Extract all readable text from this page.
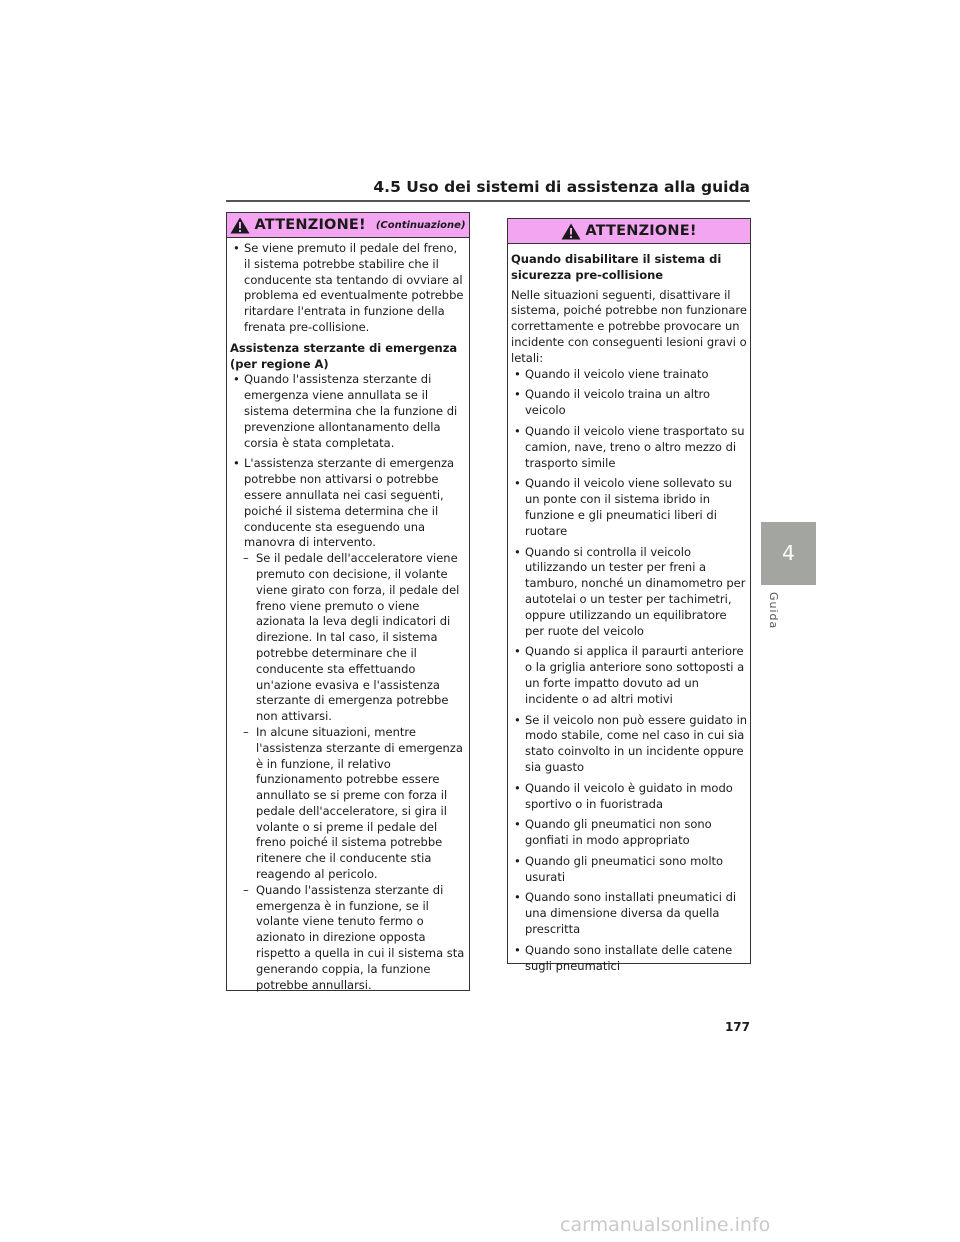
4.5 Uso dei sistemi di assistenza alla guida
ATTENZIONE! (Continuazione)
• Se viene premuto il pedale del freno, il sistema potrebbe stabilire che il conducente sta tentando di ovviare al problema ed eventualmente potrebbe ritardare l'entrata in funzione della frenata pre-collisione.
Assistenza sterzante di emergenza
(per regione A)
• Quando l'assistenza sterzante di emergenza viene annullata se il sistema determina che la funzione di prevenzione allontanamento della corsia è stata completata.
• L'assistenza sterzante di emergenza potrebbe non attivarsi o potrebbe essere annullata nei casi seguenti, poiché il sistema determina che il conducente sta eseguendo una manovra di intervento.
– Se il pedale dell'acceleratore viene premuto con decisione, il volante viene girato con forza, il pedale del freno viene premuto o viene azionata la leva degli indicatori di direzione. In tal caso, il sistema potrebbe determinare che il conducente sta effettuando un'azione evasiva e l'assistenza sterzante di emergenza potrebbe non attivarsi.
– In alcune situazioni, mentre l'assistenza sterzante di emergenza è in funzione, il relativo funzionamento potrebbe essere annullato se si preme con forza il pedale dell'acceleratore, si gira il volante o si preme il pedale del freno poiché il sistema potrebbe ritenere che il conducente stia reagendo al pericolo.
– Quando l'assistenza sterzante di emergenza è in funzione, se il volante viene tenuto fermo o azionato in direzione opposta rispetto a quella in cui il sistema sta generando coppia, la funzione potrebbe annullarsi.
ATTENZIONE!

Quando disabilitare il sistema di sicurezza pre-collisione

Nelle situazioni seguenti, disattivare il sistema, poiché potrebbe non funzionare correttamente e potrebbe provocare un incidente con conseguenti lesioni gravi o letali:

• Quando il veicolo viene trainato
• Quando il veicolo traina un altro veicolo
• Quando il veicolo viene trasportato su camion, nave, treno o altro mezzo di trasporto simile
• Quando il veicolo viene sollevato su un ponte con il sistema ibrido in funzione e gli pneumatici liberi di ruotare
• Quando si controlla il veicolo utilizzando un tester per freni a tamburo, nonché un dinamometro per autotelai o un tester per tachimetri, oppure utilizzando un equilibratore per ruote del veicolo
• Quando si applica il paraurti anteriore o la griglia anteriore sono sottoposti a un forte impatto dovuto ad un incidente o ad altri motivi
• Se il veicolo non può essere guidato in modo stabile, come nel caso in cui sia stato coinvolto in un incidente oppure sia guasto
• Quando il veicolo è guidato in modo sportivo o in fuoristrada
• Quando gli pneumatici non sono gonfiati in modo appropriato
• Quando gli pneumatici sono molto usurati
• Quando sono installati pneumatici di una dimensione diversa da quella prescritta
• Quando sono installate delle catene sugli pneumatici
4
Guida
177
carmanualsonline.info
